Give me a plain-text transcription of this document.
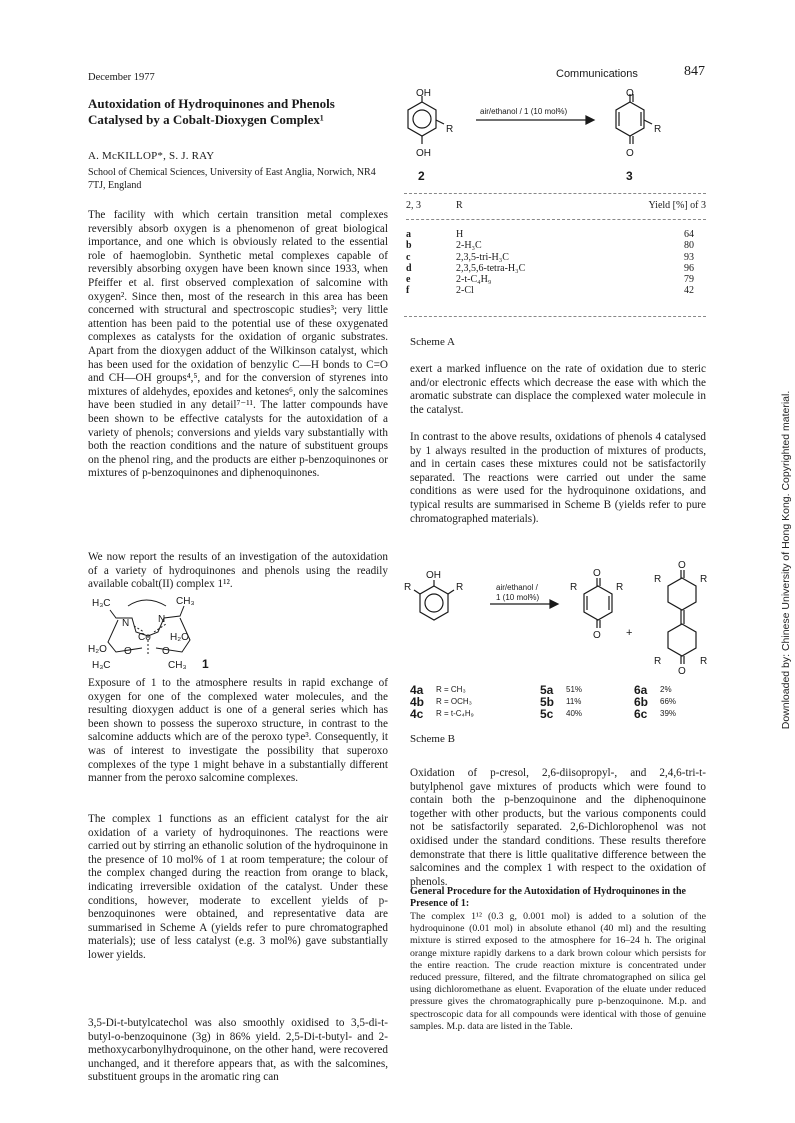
December 1977	Communications	847
Autoxidation of Hydroquinones and Phenols Catalysed by a Cobalt-Dioxygen Complex¹
A. McKILLOP*, S. J. RAY
School of Chemical Sciences, University of East Anglia, Norwich, NR4 7TJ, England
The facility with which certain transition metal complexes reversibly absorb oxygen is a phenomenon of great biological importance, and one which is obviously related to the essential role of haemoglobin. Synthetic metal complexes capable of reversibly absorbing oxygen have been known since 1933, when Pfeiffer et al. first observed complexation of salcomine with oxygen². Since then, most of the research in this area has been concerned with structural and spectroscopic studies³; very little attention has been paid to the potential use of these oxygenated complexes as catalysts for the oxidation of organic substrates. Apart from the dioxygen adduct of the Wilkinson catalyst, which has been used for the oxidation of benzylic C—H bonds to C=O and CH—OH groups⁴,⁵, and for the conversion of styrenes into mixtures of aldehydes, epoxides and ketones⁶, only the salcomines have been studied in any detail⁷⁻¹¹. The latter compounds have been shown to be effective catalysts for the autoxidation of a variety of phenols; conversions and yields vary substantially with both the reaction conditions and the nature of substituent groups on the phenol ring, and the products are either p-benzoquinones or mixtures of p-benzoquinones and diphenoquinones.
We now report the results of an investigation of the autoxidation of a variety of hydroquinones and phenols using the readily available cobalt(II) complex 1¹².
H₃C	CH₃
N	N
Co H₂O
H₂O O	O
H₃C	CH₃ 1
Exposure of 1 to the atmosphere results in rapid exchange of oxygen for one of the complexed water molecules, and the resulting dioxygen adduct is one of a general series which has been shown to possess the superoxo structure, in contrast to the salcomine adducts which are of the peroxo type³. Consequently, it was of interest to investigate the possibility that superoxo complexes of the type 1 might behave in a substantially different manner from the peroxo salcomine complexes.
The complex 1 functions as an efficient catalyst for the air oxidation of a variety of hydroquinones. The reactions were carried out by stirring an ethanolic solution of the hydroquinone in the presence of 10 mol% of 1 at room temperature; the colour of the complex changed during the reaction from orange to black, indicating irreversible oxidation of the catalyst. Under these conditions, however, moderate to excellent yields of p-benzoquinones were obtained, and representative data are summarised in Scheme A (yields refer to pure chromatographed materials); use of less catalyst (e.g. 3 mol%) gave substantially lower yields.
3,5-Di-t-butylcatechol was also smoothly oxidised to 3,5-di-t-butyl-o-benzoquinone (3g) in 86% yield. 2,5-Di-t-butyl- and 2-methoxycarbonylhydroquinone, on the other hand, were recovered unchanged, and it therefore appears that, as with the salcomines, substituent groups in the aromatic ring can
OH
OH
R
2
air/ethanol / 1 (10 mol%)
O
O
R
3
2, 3	R	Yield [%] of 3

a	H	64
b	2-H₃C	80
c	2,3,5-tri-H₃C	93
d	2,3,5,6-tetra-H₃C	96
e	2-t-C₄H₉	79
f	2-Cl	42
Scheme A
exert a marked influence on the rate of oxidation due to steric and/or electronic effects which decrease the ease with which the aromatic substrate can displace the complexed water molecule in the catalyst.
In contrast to the above results, oxidations of phenols 4 catalysed by 1 always resulted in the production of mixtures of products, and in certain cases these mixtures could not be satisfactorily separated. The reactions were carried out under the same conditions as were used for the hydroquinone oxidations, and typical results are summarised in Scheme B (yields refer to pure chromatographed materials).
OH
R	R	air/ethanol /
1 (10 mol%)
O
O
R	R
+
O
O
R	R
R	R
4a R = CH₃	5a 51%	6a 2%
4b R = OCH₃	5b 11%	6b 66%
4c R = t-C₄H₉	5c 40%	6c 39%
Scheme B
Oxidation of p-cresol, 2,6-diisopropyl-, and 2,4,6-tri-t-butylphenol gave mixtures of products which were found to contain both the p-benzoquinone and the diphenoquinone together with other products, but the various components could not be satisfactorily separated. 2,6-Dichlorophenol was not oxidised under the standard conditions. These results therefore demonstrate that there is little qualitative difference between the salcomines and the complex 1 with respect to the oxidation of phenols.
General Procedure for the Autoxidation of Hydroquinones in the Presence of 1:
The complex 1¹² (0.3 g, 0.001 mol) is added to a solution of the hydroquinone (0.01 mol) in absolute ethanol (40 ml) and the resulting mixture is stirred exposed to the atmosphere for 16–24 h. The original orange mixture rapidly darkens to a dark brown colour which persists for the entire reaction. The crude reaction mixture is concentrated under reduced pressure, filtered, and the filtrate chromatographed on silica gel using dichloromethane as eluent. Evaporation of the eluate under reduced pressure gives the chromatographically pure p-benzoquinone. M.p. and spectroscopic data for all compounds were identical with those of genuine samples. M.p. data are listed in the Table.
Downloaded by: Chinese University of Hong Kong. Copyrighted material.
